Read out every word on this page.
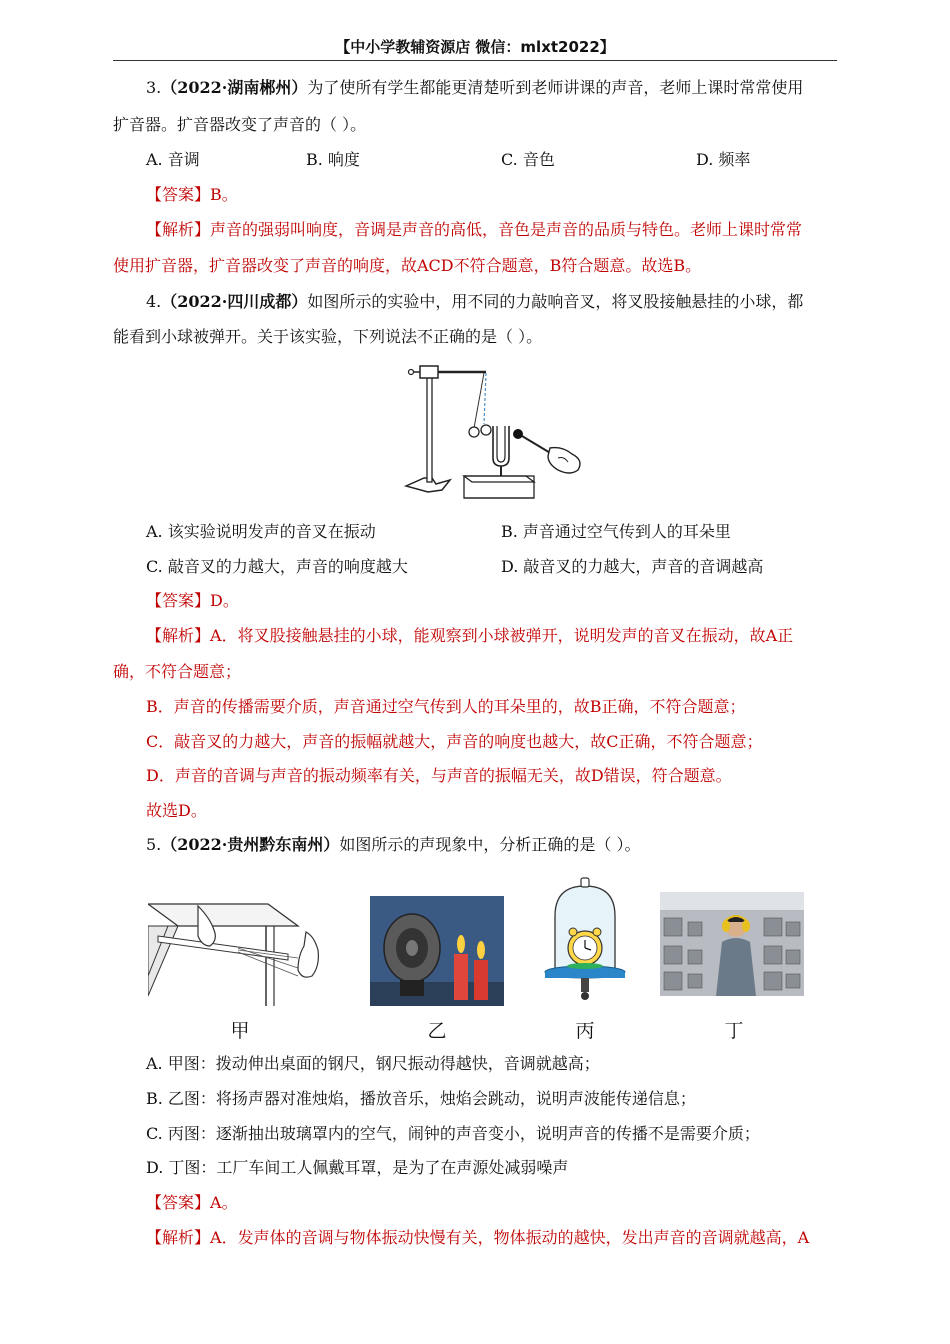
【中小学教辅资源店 微信：mlxt2022】
3.（2022·湖南郴州）为了使所有学生都能更清楚听到老师讲课的声音，老师上课时常常使用
扩音器。扩音器改变了声音的（ ）。
A. 音调	B. 响度	C. 音色	D. 频率
【答案】B。
【解析】声音的强弱叫响度，音调是声音的高低，音色是声音的品质与特色。老师上课时常常
使用扩音器，扩音器改变了声音的响度，故ACD不符合题意，B符合题意。故选B。
4.（2022·四川成都）如图所示的实验中，用不同的力敲响音叉，将叉股接触悬挂的小球，都
能看到小球被弹开。关于该实验，下列说法不正确的是（ ）。
A. 该实验说明发声的音叉在振动	B. 声音通过空气传到人的耳朵里
C. 敲音叉的力越大，声音的响度越大	D. 敲音叉的力越大，声音的音调越高
【答案】D。
【解析】A．将叉股接触悬挂的小球，能观察到小球被弹开，说明发声的音叉在振动，故A正
确，不符合题意；
B．声音的传播需要介质，声音通过空气传到人的耳朵里的，故B正确，不符合题意；
C．敲音叉的力越大，声音的振幅就越大，声音的响度也越大，故C正确，不符合题意；
D．声音的音调与声音的振动频率有关，与声音的振幅无关，故D错误，符合题意。
故选D。
5.（2022·贵州黔东南州）如图所示的声现象中，分析正确的是（ ）。
甲	乙	丙	丁
A. 甲图：拨动伸出桌面的钢尺，钢尺振动得越快，音调就越高；
B. 乙图：将扬声器对准烛焰，播放音乐，烛焰会跳动，说明声波能传递信息；
C. 丙图：逐渐抽出玻璃罩内的空气，闹钟的声音变小，说明声音的传播不是需要介质；
D. 丁图：工厂车间工人佩戴耳罩，是为了在声源处减弱噪声
【答案】A。
【解析】A．发声体的音调与物体振动快慢有关，物体振动的越快，发出声音的音调就越高，A
